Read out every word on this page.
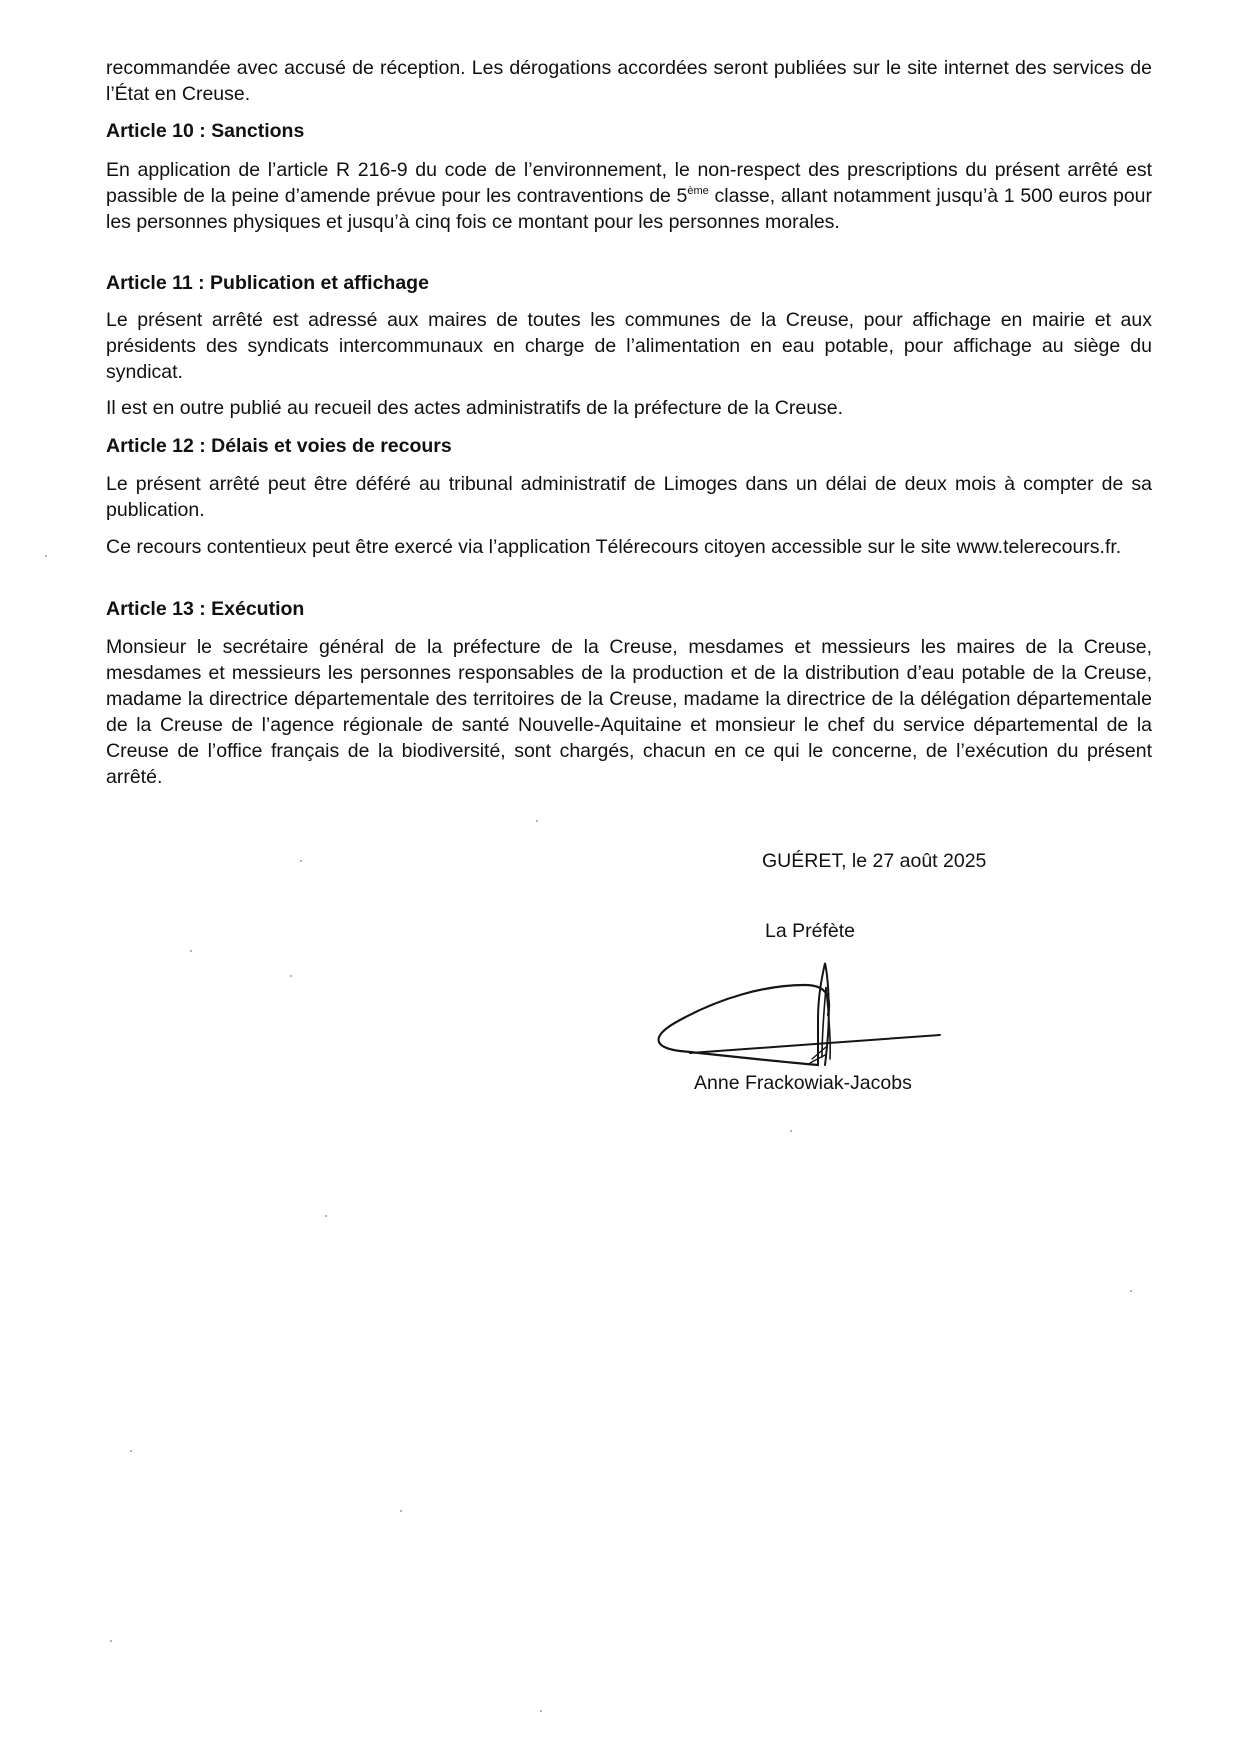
recommandée avec accusé de réception. Les dérogations accordées seront publiées sur le site internet des services de l’État en Creuse.

Article 10 : Sanctions

En application de l’article R 216-9 du code de l’environnement, le non-respect des prescriptions du présent arrêté est passible de la peine d’amende prévue pour les contraventions de 5ème classe, allant notamment jusqu’à 1 500 euros pour les personnes physiques et jusqu’à cinq fois ce montant pour les personnes morales.

Article 11 : Publication et affichage

Le présent arrêté est adressé aux maires de toutes les communes de la Creuse, pour affichage en mairie et aux présidents des syndicats intercommunaux en charge de l’alimentation en eau potable, pour affichage au siège du syndicat.

Il est en outre publié au recueil des actes administratifs de la préfecture de la Creuse.

Article 12 : Délais et voies de recours

Le présent arrêté peut être déféré au tribunal administratif de Limoges dans un délai de deux mois à compter de sa publication.

Ce recours contentieux peut être exercé via l’application Télérecours citoyen accessible sur le site www.telerecours.fr.

Article 13 : Exécution

Monsieur le secrétaire général de la préfecture de la Creuse, mesdames et messieurs les maires de la Creuse, mesdames et messieurs les personnes responsables de la production et de la distribution d’eau potable de la Creuse, madame la directrice départementale des territoires de la Creuse, madame la directrice de la délégation départementale de la Creuse de l’agence régionale de santé Nouvelle-Aquitaine et monsieur le chef du service départemental de la Creuse de l’office français de la biodiversité, sont chargés, chacun en ce qui le concerne, de l’exécution du présent arrêté.

GUÉRET, le 27 août 2025

La Préfète

Anne Frackowiak-Jacobs
